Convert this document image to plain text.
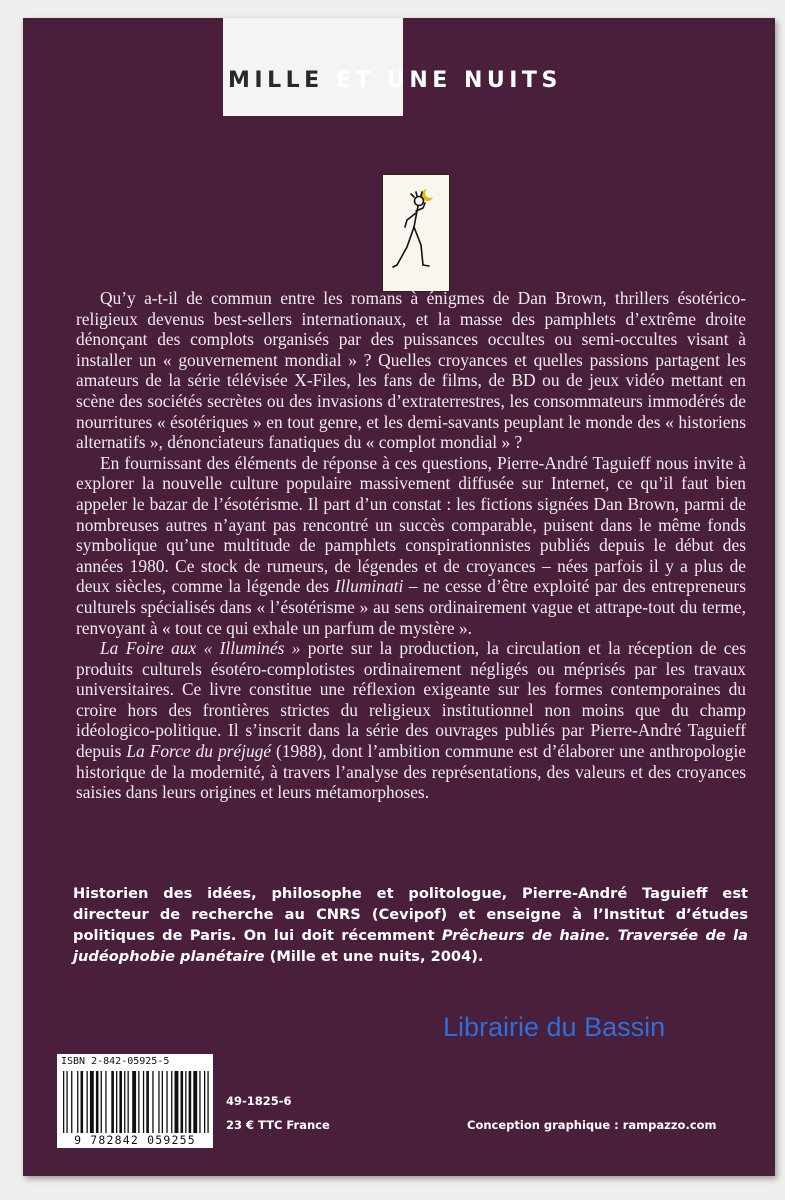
MILLE ET UNE NUITS

Qu’y a-t-il de commun entre les romans à énigmes de Dan Brown, thrillers ésotérico-religieux devenus best-sellers internationaux, et la masse des pamphlets d’extrême droite dénonçant des complots organisés par des puissances occultes ou semi-occultes visant à installer un « gouvernement mondial » ? Quelles croyances et quelles passions partagent les amateurs de la série télévisée X-Files, les fans de films, de BD ou de jeux vidéo mettant en scène des sociétés secrètes ou des invasions d’extraterrestres, les consommateurs immodérés de nourritures « ésotériques » en tout genre, et les demi-savants peuplant le monde des « historiens alternatifs », dénonciateurs fanatiques du « complot mondial » ?

En fournissant des éléments de réponse à ces questions, Pierre-André Taguieff nous invite à explorer la nouvelle culture populaire massivement diffusée sur Internet, ce qu’il faut bien appeler le bazar de l’ésotérisme. Il part d’un constat : les fictions signées Dan Brown, parmi de nombreuses autres n’ayant pas rencontré un succès comparable, puisent dans le même fonds symbolique qu’une multitude de pamphlets conspirationnistes publiés depuis le début des années 1980. Ce stock de rumeurs, de légendes et de croyances – nées parfois il y a plus de deux siècles, comme la légende des Illuminati – ne cesse d’être exploité par des entrepreneurs culturels spécialisés dans « l’ésotérisme » au sens ordinairement vague et attrape-tout du terme, renvoyant à « tout ce qui exhale un parfum de mystère ».

La Foire aux « Illuminés » porte sur la production, la circulation et la réception de ces produits culturels ésotéro-complotistes ordinairement négligés ou méprisés par les travaux universitaires. Ce livre constitue une réflexion exigeante sur les formes contemporaines du croire hors des frontières strictes du religieux institutionnel non moins que du champ idéologico-politique. Il s’inscrit dans la série des ouvrages publiés par Pierre-André Taguieff depuis La Force du préjugé (1988), dont l’ambition commune est d’élaborer une anthropologie historique de la modernité, à travers l’analyse des représentations, des valeurs et des croyances saisies dans leurs origines et leurs métamorphoses.

Historien des idées, philosophe et politologue, Pierre-André Taguieff est directeur de recherche au CNRS (Cevipof) et enseigne à l’Institut d’études politiques de Paris. On lui doit récemment Prêcheurs de haine. Traversée de la judéophobie planétaire (Mille et une nuits, 2004).
Librairie du Bassin
ISBN 2-842-05925-5
9 782842 059255
49-1825-6
23 € TTC France	Conception graphique : rampazzo.com
